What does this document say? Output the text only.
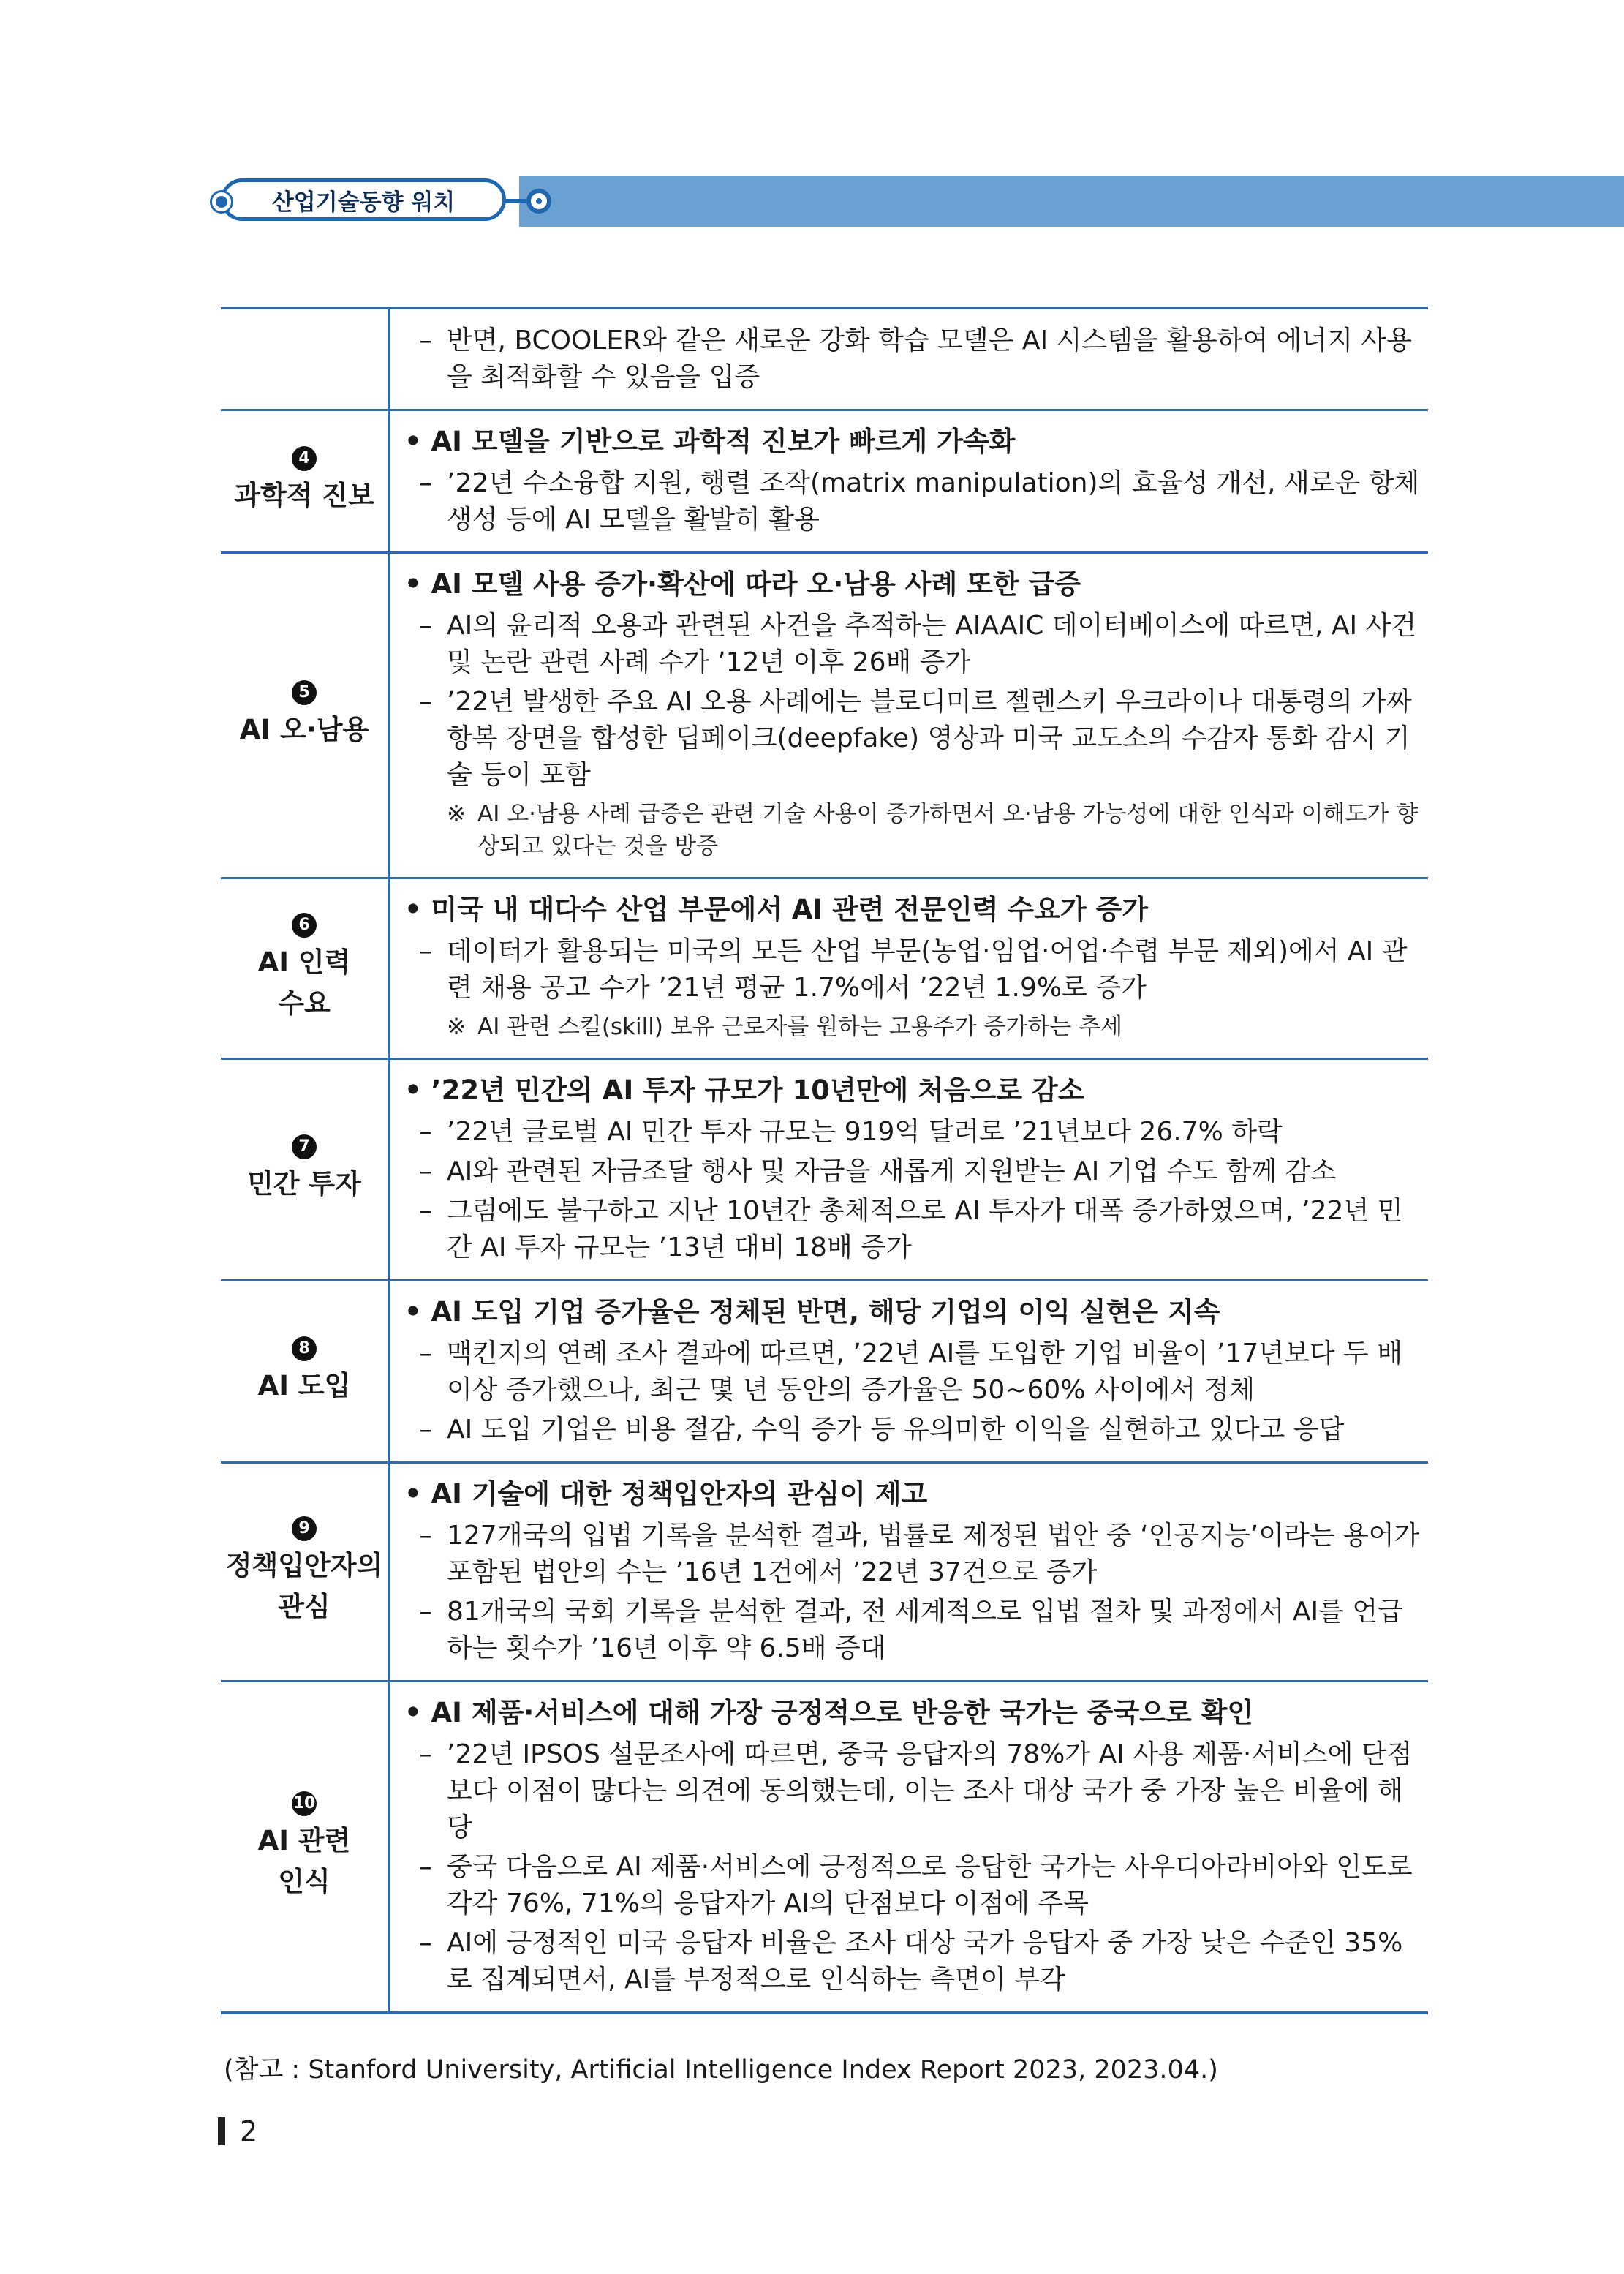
산업기술동향 워치
– 반면, BCOOLER와 같은 새로운 강화 학습 모델은 AI 시스템을 활용하여 에너지 사용을 최적화할 수 있음을 입증
4
과학적 진보
• AI 모델을 기반으로 과학적 진보가 빠르게 가속화
– ’22년 수소융합 지원, 행렬 조작(matrix manipulation)의 효율성 개선, 새로운 항체 생성 등에 AI 모델을 활발히 활용
5
AI 오·남용
• AI 모델 사용 증가·확산에 따라 오·남용 사례 또한 급증
– AI의 윤리적 오용과 관련된 사건을 추적하는 AIAAIC 데이터베이스에 따르면, AI 사건 및 논란 관련 사례 수가 ’12년 이후 26배 증가
– ’22년 발생한 주요 AI 오용 사례에는 블로디미르 젤렌스키 우크라이나 대통령의 가짜 항복 장면을 합성한 딥페이크(deepfake) 영상과 미국 교도소의 수감자 통화 감시 기술 등이 포함
※ AI 오·남용 사례 급증은 관련 기술 사용이 증가하면서 오·남용 가능성에 대한 인식과 이해도가 향상되고 있다는 것을 방증
6
AI 인력
수요
• 미국 내 대다수 산업 부문에서 AI 관련 전문인력 수요가 증가
– 데이터가 활용되는 미국의 모든 산업 부문(농업·임업·어업·수렵 부문 제외)에서 AI 관련 채용 공고 수가 ’21년 평균 1.7%에서 ’22년 1.9%로 증가
※ AI 관련 스킬(skill) 보유 근로자를 원하는 고용주가 증가하는 추세
7
민간 투자
• ’22년 민간의 AI 투자 규모가 10년만에 처음으로 감소
– ’22년 글로벌 AI 민간 투자 규모는 919억 달러로 ’21년보다 26.7% 하락
– AI와 관련된 자금조달 행사 및 자금을 새롭게 지원받는 AI 기업 수도 함께 감소
– 그럼에도 불구하고 지난 10년간 총체적으로 AI 투자가 대폭 증가하였으며, ’22년 민간 AI 투자 규모는 ’13년 대비 18배 증가
8
AI 도입
• AI 도입 기업 증가율은 정체된 반면, 해당 기업의 이익 실현은 지속
– 맥킨지의 연례 조사 결과에 따르면, ’22년 AI를 도입한 기업 비율이 ’17년보다 두 배 이상 증가했으나, 최근 몇 년 동안의 증가율은 50~60% 사이에서 정체
– AI 도입 기업은 비용 절감, 수익 증가 등 유의미한 이익을 실현하고 있다고 응답
9
정책입안자의
관심
• AI 기술에 대한 정책입안자의 관심이 제고
– 127개국의 입법 기록을 분석한 결과, 법률로 제정된 법안 중 ‘인공지능’이라는 용어가 포함된 법안의 수는 ’16년 1건에서 ’22년 37건으로 증가
– 81개국의 국회 기록을 분석한 결과, 전 세계적으로 입법 절차 및 과정에서 AI를 언급하는 횟수가 ’16년 이후 약 6.5배 증대
10
AI 관련
인식
• AI 제품·서비스에 대해 가장 긍정적으로 반응한 국가는 중국으로 확인
– ’22년 IPSOS 설문조사에 따르면, 중국 응답자의 78%가 AI 사용 제품·서비스에 단점보다 이점이 많다는 의견에 동의했는데, 이는 조사 대상 국가 중 가장 높은 비율에 해당
– 중국 다음으로 AI 제품·서비스에 긍정적으로 응답한 국가는 사우디아라비아와 인도로 각각 76%, 71%의 응답자가 AI의 단점보다 이점에 주목
– AI에 긍정적인 미국 응답자 비율은 조사 대상 국가 응답자 중 가장 낮은 수준인 35%로 집계되면서, AI를 부정적으로 인식하는 측면이 부각
(참고 : Stanford University, Artificial Intelligence Index Report 2023, 2023.04.)
2
